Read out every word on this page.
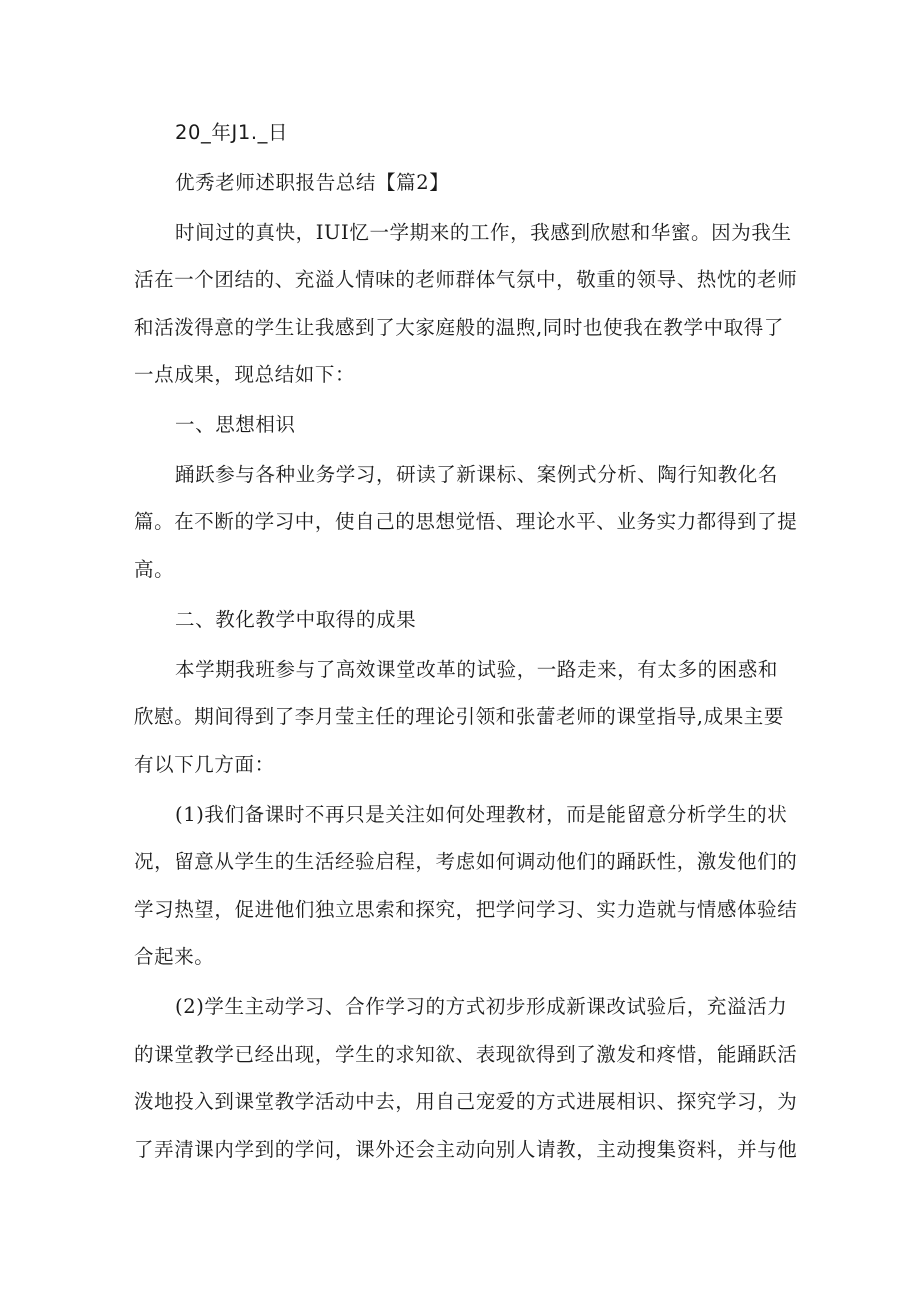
20_年J1._日
优秀老师述职报告总结【篇2】
时间过的真快，IUI忆一学期来的工作，我感到欣慰和华蜜。因为我生
活在一个团结的、充溢人情味的老师群体气氛中，敬重的领导、热忱的老师
和活泼得意的学生让我感到了大家庭般的温煦,同时也使我在教学中取得了
一点成果，现总结如下：
一、思想相识
踊跃参与各种业务学习，研读了新课标、案例式分析、陶行知教化名
篇。在不断的学习中，使自己的思想觉悟、理论水平、业务实力都得到了提
高。
二、教化教学中取得的成果
本学期我班参与了高效课堂改革的试验，一路走来，有太多的困惑和
欣慰。期间得到了李月莹主任的理论引领和张蕾老师的课堂指导,成果主要
有以下几方面：
(1)我们备课时不再只是关注如何处理教材，而是能留意分析学生的状
况，留意从学生的生活经验启程，考虑如何调动他们的踊跃性，激发他们的
学习热望，促进他们独立思索和探究，把学问学习、实力造就与情感体验结
合起来。
(2)学生主动学习、合作学习的方式初步形成新课改试验后，充溢活力
的课堂教学已经出现，学生的求知欲、表现欲得到了激发和疼惜，能踊跃活
泼地投入到课堂教学活动中去，用自己宠爱的方式进展相识、探究学习，为
了弄清课内学到的学问，课外还会主动向别人请教，主动搜集资料，并与他
